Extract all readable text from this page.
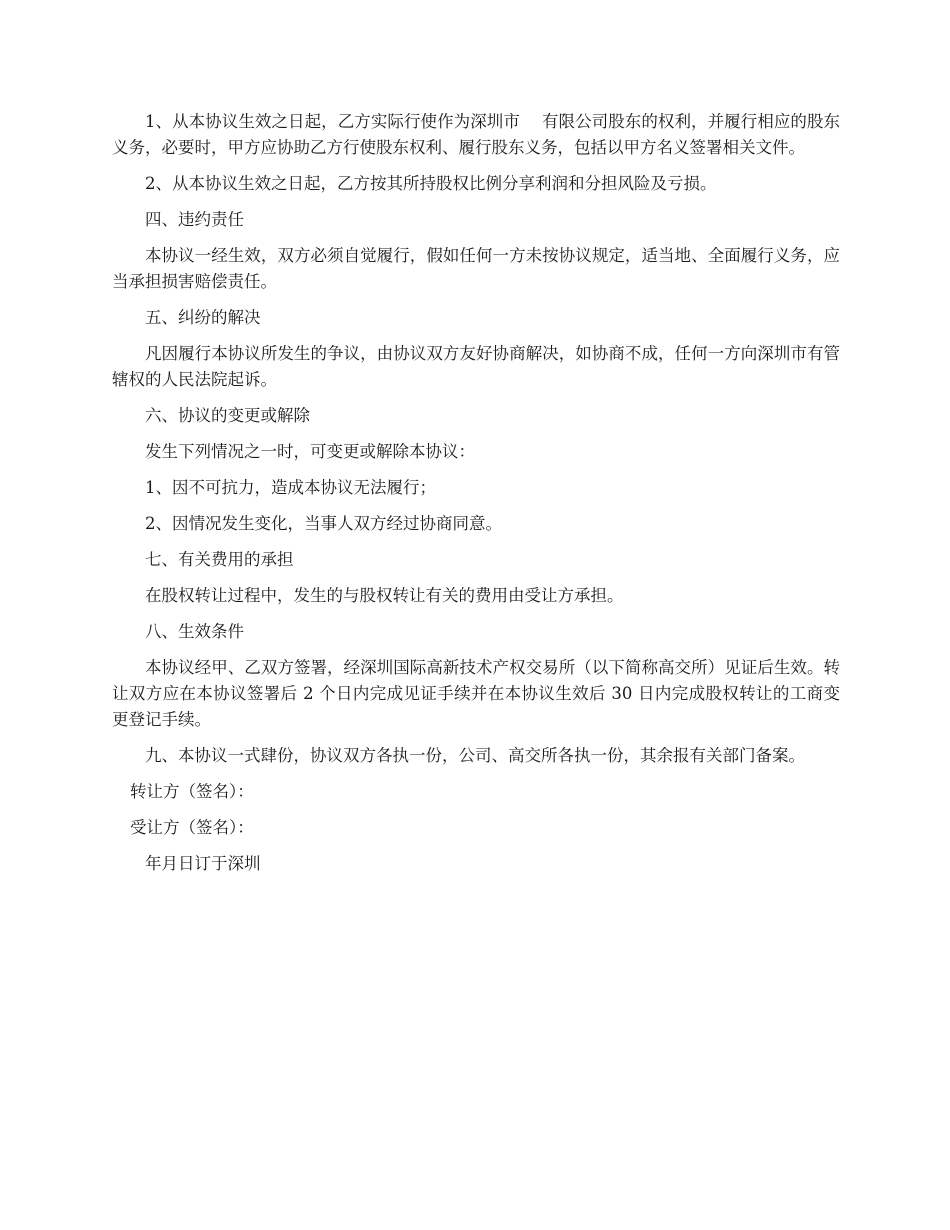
1、从本协议生效之日起，乙方实际行使作为深圳市 有限公司股东的权利，并履行相应的股东义务，必要时，甲方应协助乙方行使股东权利、履行股东义务，包括以甲方名义签署相关文件。

2、从本协议生效之日起，乙方按其所持股权比例分享利润和分担风险及亏损。

四、违约责任

本协议一经生效，双方必须自觉履行，假如任何一方未按协议规定，适当地、全面履行义务，应当承担损害赔偿责任。

五、纠纷的解决

凡因履行本协议所发生的争议，由协议双方友好协商解决，如协商不成，任何一方向深圳市有管辖权的人民法院起诉。

六、协议的变更或解除

发生下列情况之一时，可变更或解除本协议：

1、因不可抗力，造成本协议无法履行；

2、因情况发生变化，当事人双方经过协商同意。

七、有关费用的承担

在股权转让过程中，发生的与股权转让有关的费用由受让方承担。

八、生效条件

本协议经甲、乙双方签署，经深圳国际高新技术产权交易所（以下简称高交所）见证后生效。转让双方应在本协议签署后 2 个日内完成见证手续并在本协议生效后 30 日内完成股权转让的工商变更登记手续。

九、本协议一式肆份，协议双方各执一份，公司、高交所各执一份，其余报有关部门备案。

转让方（签名）：

受让方（签名）：

年月日订于深圳
